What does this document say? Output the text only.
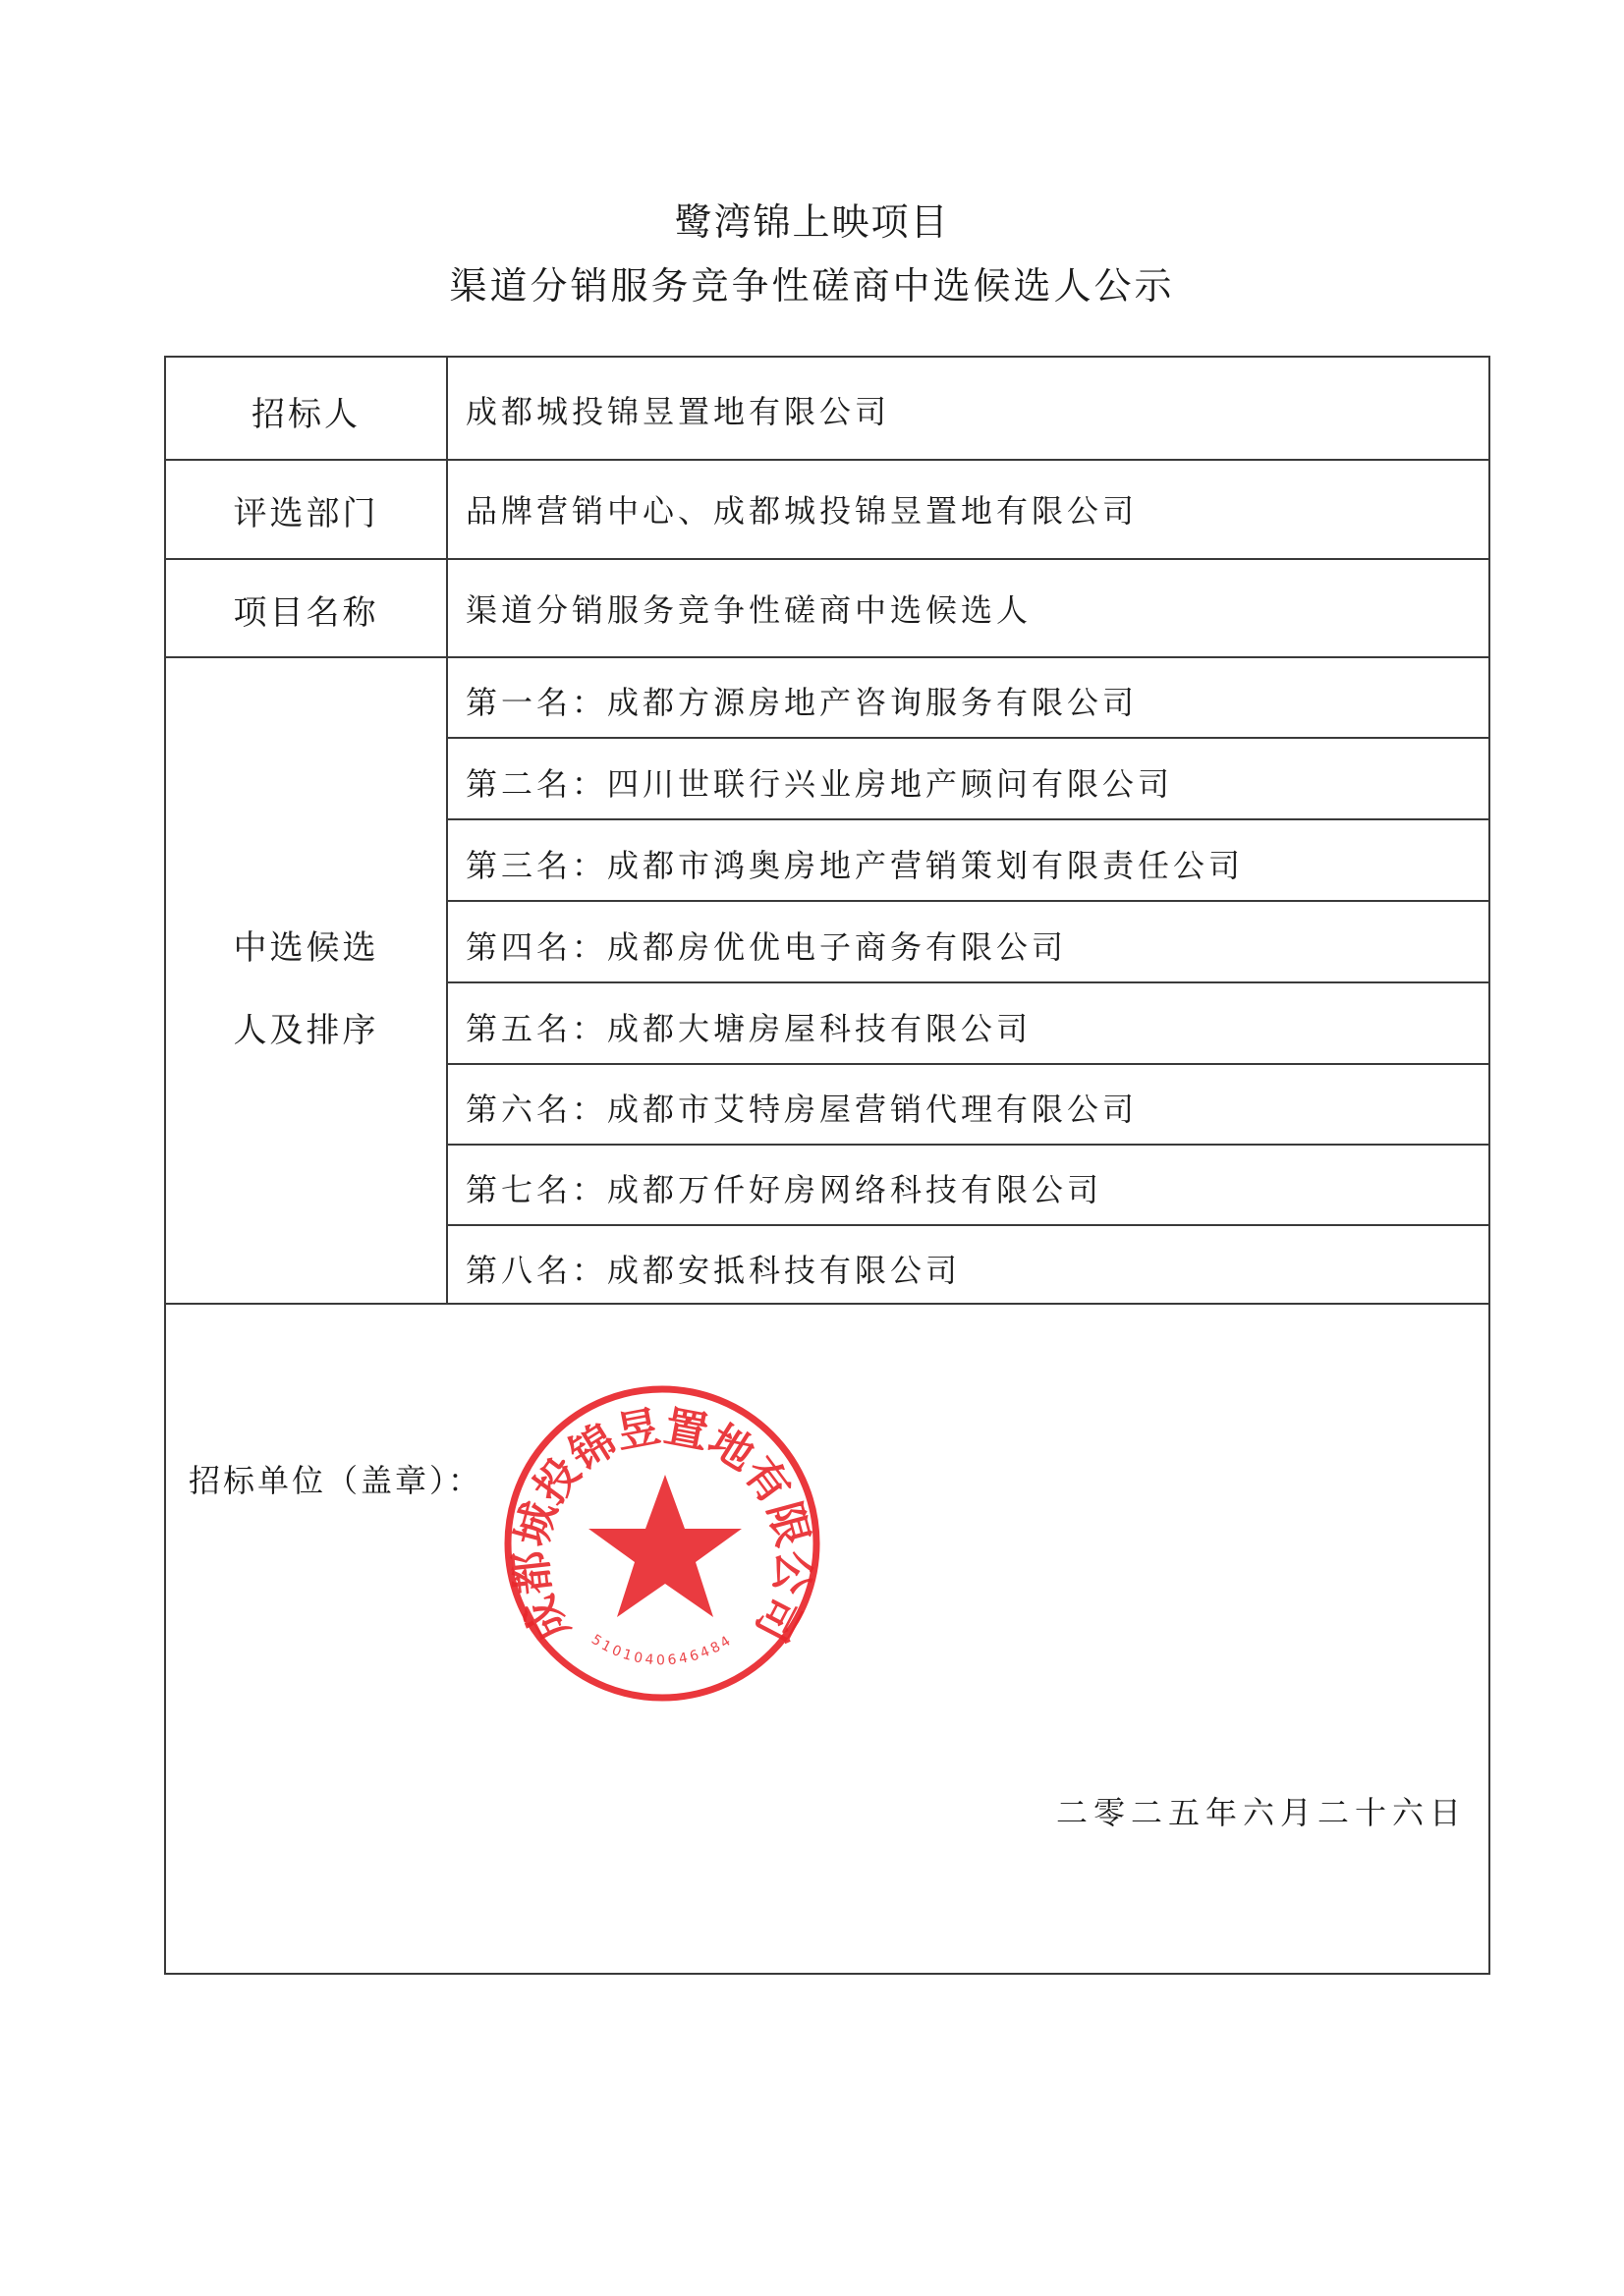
鹭湾锦上映项目
渠道分销服务竞争性磋商中选候选人公示
招标人	成都城投锦昱置地有限公司
评选部门	品牌营销中心、成都城投锦昱置地有限公司
项目名称	渠道分销服务竞争性磋商中选候选人
中选候选
人及排序
第一名：成都方源房地产咨询服务有限公司
第二名：四川世联行兴业房地产顾问有限公司
第三名：成都市鸿奥房地产营销策划有限责任公司
第四名：成都房优优电子商务有限公司
第五名：成都大塘房屋科技有限公司
第六名：成都市艾特房屋营销代理有限公司
第七名：成都万仟好房网络科技有限公司
第八名：成都安抵科技有限公司
招标单位（盖章）：
成都城投锦昱置地有限公司
5101040646484
二零二五年六月二十六日
